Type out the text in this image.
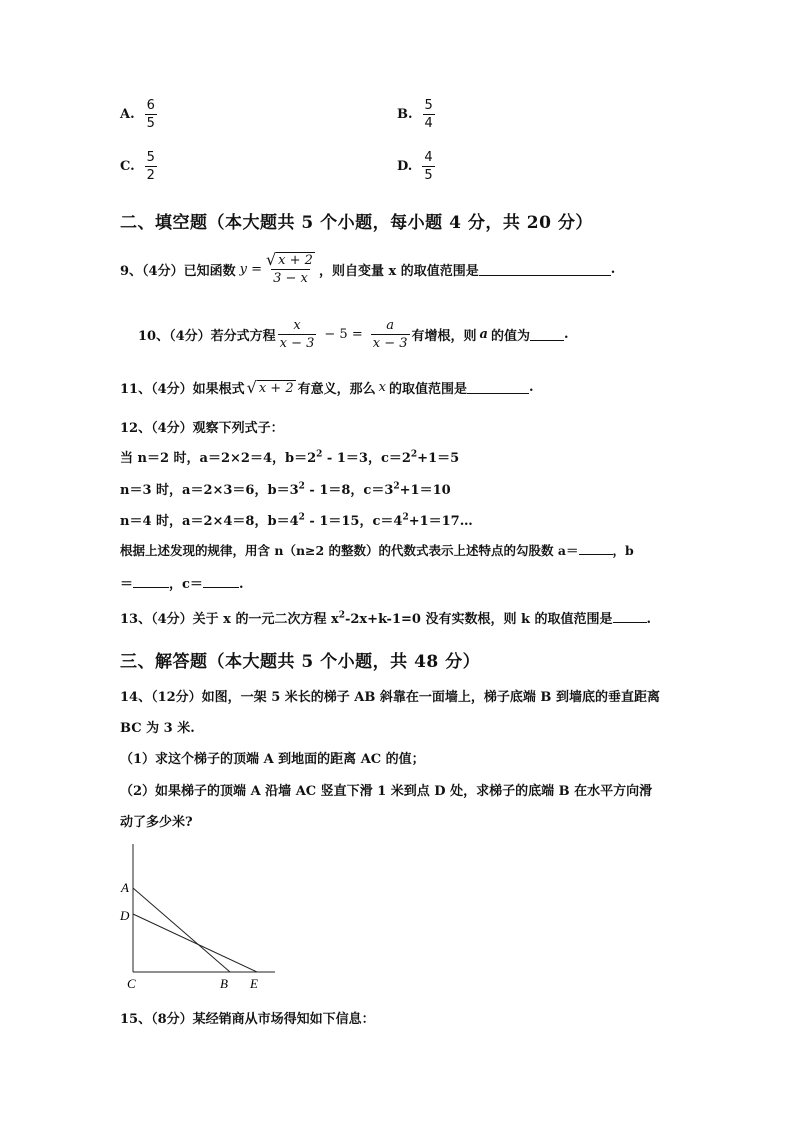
A. $\frac{6}{5}$	B. $\frac{5}{4}$
C. $\frac{5}{2}$	D. $\frac{4}{5}$
二、填空题（本大题共 5 个小题，每小题 4 分，共 20 分）
9、（4分）已知函数 $y = \frac{√ x + 2}{3 - x}$ ，则自变量 x 的取值范围是	.
10、（4分）若分式方程 $\frac{x}{x - 3} - 5 = \frac{a}{x - 3}$ 有增根，则 a 的值为	.
11、（4分）如果根式 √ x + 2 有意义，那么 x 的取值范围是	.
12、（4分）观察下列式子：
当 n＝2 时，a＝2×2＝4，$b=2^2 - 1=3$，$c=2^2+1=5$
n＝3 时，a＝2×3＝6，$b=3^2 - 1=8$，$c=3^2+1=10$
n＝4 时，a＝2×4＝8，$b=4^2 - 1=15$，$c=4^2+1=17\dots$
根据上述发现的规律，用含 n（n≥2 的整数）的代数式表示上述特点的勾股数 a＝	，b
＝	，c＝	.
13、（4分）关于 x 的一元二次方程 $x^2-2x+k-1=0$ 没有实数根，则 k 的取值范围是	.
三、解答题（本大题共 5 个小题，共 48 分）
14、（12分）如图，一架 5 米长的梯子 AB 斜靠在一面墙上，梯子底端 B 到墙底的垂直距离
BC 为 3 米.
（1）求这个梯子的顶端 A 到地面的距离 AC 的值；
（2）如果梯子的顶端 A 沿墙 AC 竖直下滑 1 米到点 D 处，求梯子的底端 B 在水平方向滑
动了多少米?
A
D
C	B E
15、（8分）某经销商从市场得知如下信息：
